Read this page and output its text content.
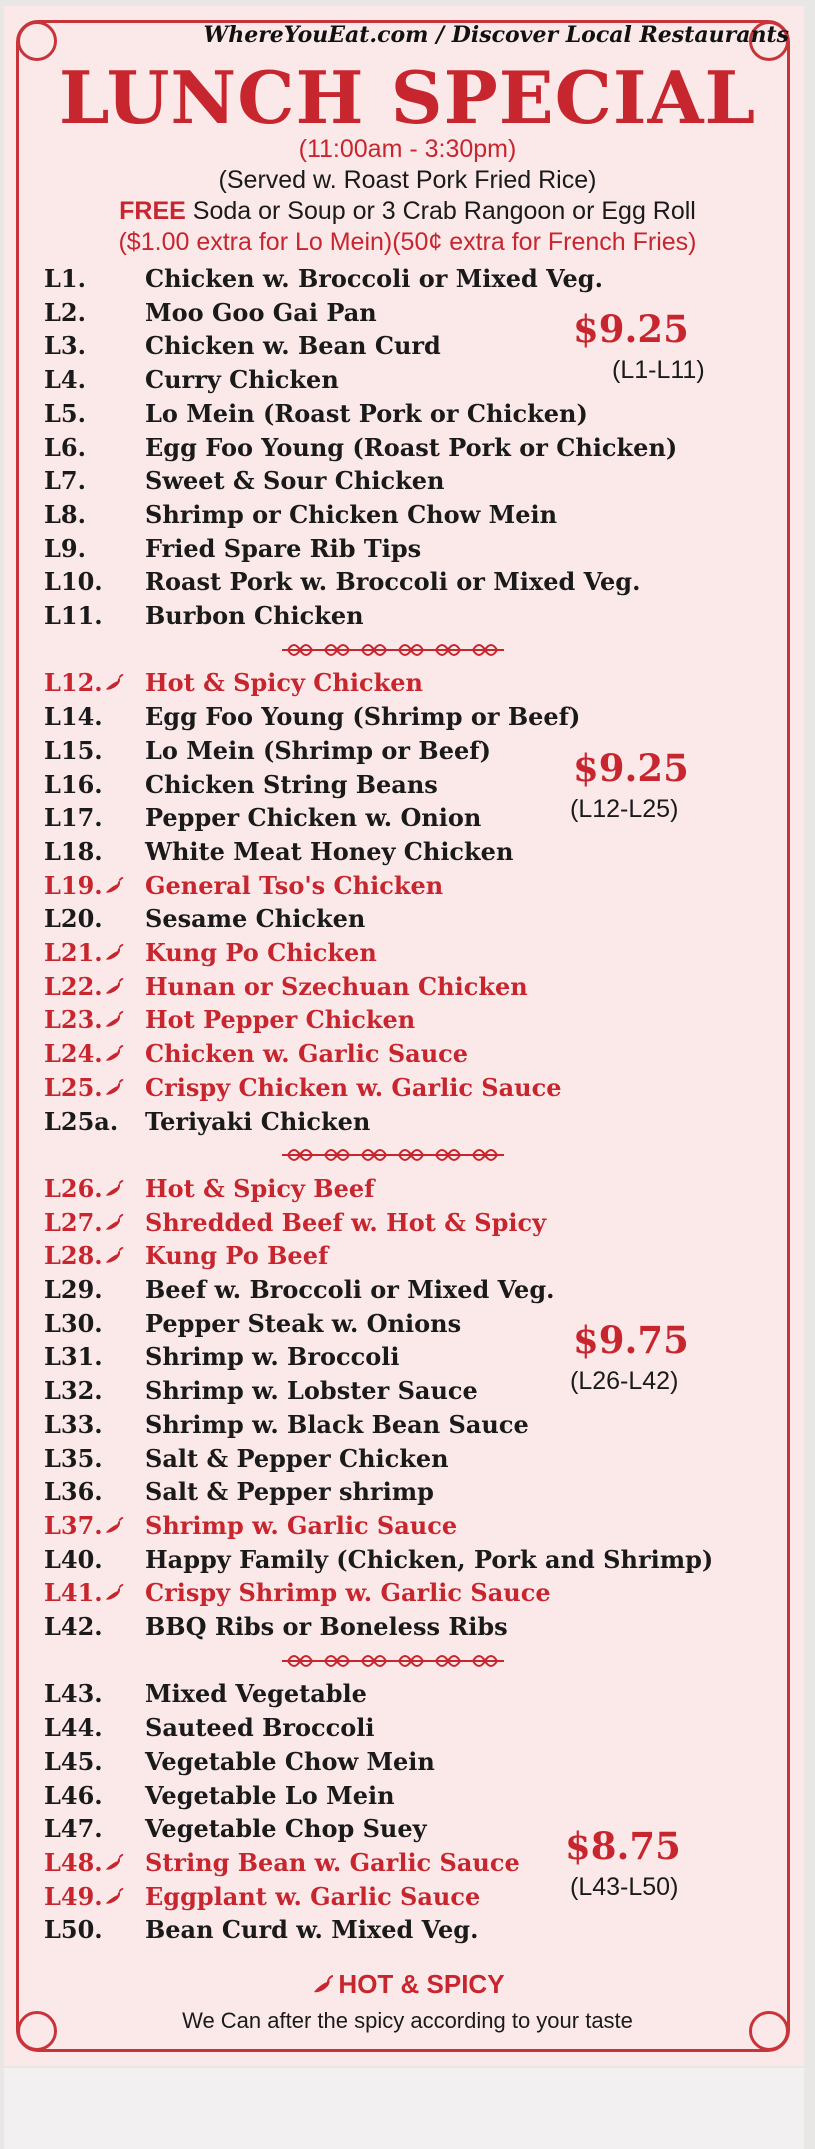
WhereYouEat.com / Discover Local Restaurants
LUNCH SPECIAL
(11:00am - 3:30pm)
(Served w. Roast Pork Fried Rice)
FREE Soda or Soup or 3 Crab Rangoon or Egg Roll
($1.00 extra for Lo Mein)(50¢ extra for French Fries)
L1.	Chicken w. Broccoli or Mixed Veg.
L2.	Moo Goo Gai Pan
L3.	Chicken w. Bean Curd
L4.	Curry Chicken
L5.	Lo Mein (Roast Pork or Chicken)
L6.	Egg Foo Young (Roast Pork or Chicken)
L7.	Sweet & Sour Chicken
L8.	Shrimp or Chicken Chow Mein
L9.	Fried Spare Rib Tips
L10.	Roast Pork w. Broccoli or Mixed Veg.
L11.	Burbon Chicken
$9.25
(L1-L11)
L12.	Hot & Spicy Chicken
L14.	Egg Foo Young (Shrimp or Beef)
L15.	Lo Mein (Shrimp or Beef)
L16.	Chicken String Beans
L17.	Pepper Chicken w. Onion
L18.	White Meat Honey Chicken
L19.	General Tso's Chicken
L20.	Sesame Chicken
L21.	Kung Po Chicken
L22.	Hunan or Szechuan Chicken
L23.	Hot Pepper Chicken
L24.	Chicken w. Garlic Sauce
L25.	Crispy Chicken w. Garlic Sauce
L25a.	Teriyaki Chicken
$9.25
(L12-L25)
L26.	Hot & Spicy Beef
L27.	Shredded Beef w. Hot & Spicy
L28.	Kung Po Beef
L29.	Beef w. Broccoli or Mixed Veg.
L30.	Pepper Steak w. Onions
L31.	Shrimp w. Broccoli
L32.	Shrimp w. Lobster Sauce
L33.	Shrimp w. Black Bean Sauce
L35.	Salt & Pepper Chicken
L36.	Salt & Pepper shrimp
L37.	Shrimp w. Garlic Sauce
L40.	Happy Family (Chicken, Pork and Shrimp)
L41.	Crispy Shrimp w. Garlic Sauce
L42.	BBQ Ribs or Boneless Ribs
$9.75
(L26-L42)
L43.	Mixed Vegetable
L44.	Sauteed Broccoli
L45.	Vegetable Chow Mein
L46.	Vegetable Lo Mein
L47.	Vegetable Chop Suey
L48.	String Bean w. Garlic Sauce
L49.	Eggplant w. Garlic Sauce
L50.	Bean Curd w. Mixed Veg.
$8.75
(L43-L50)
HOT & SPICY
We Can after the spicy according to your taste
